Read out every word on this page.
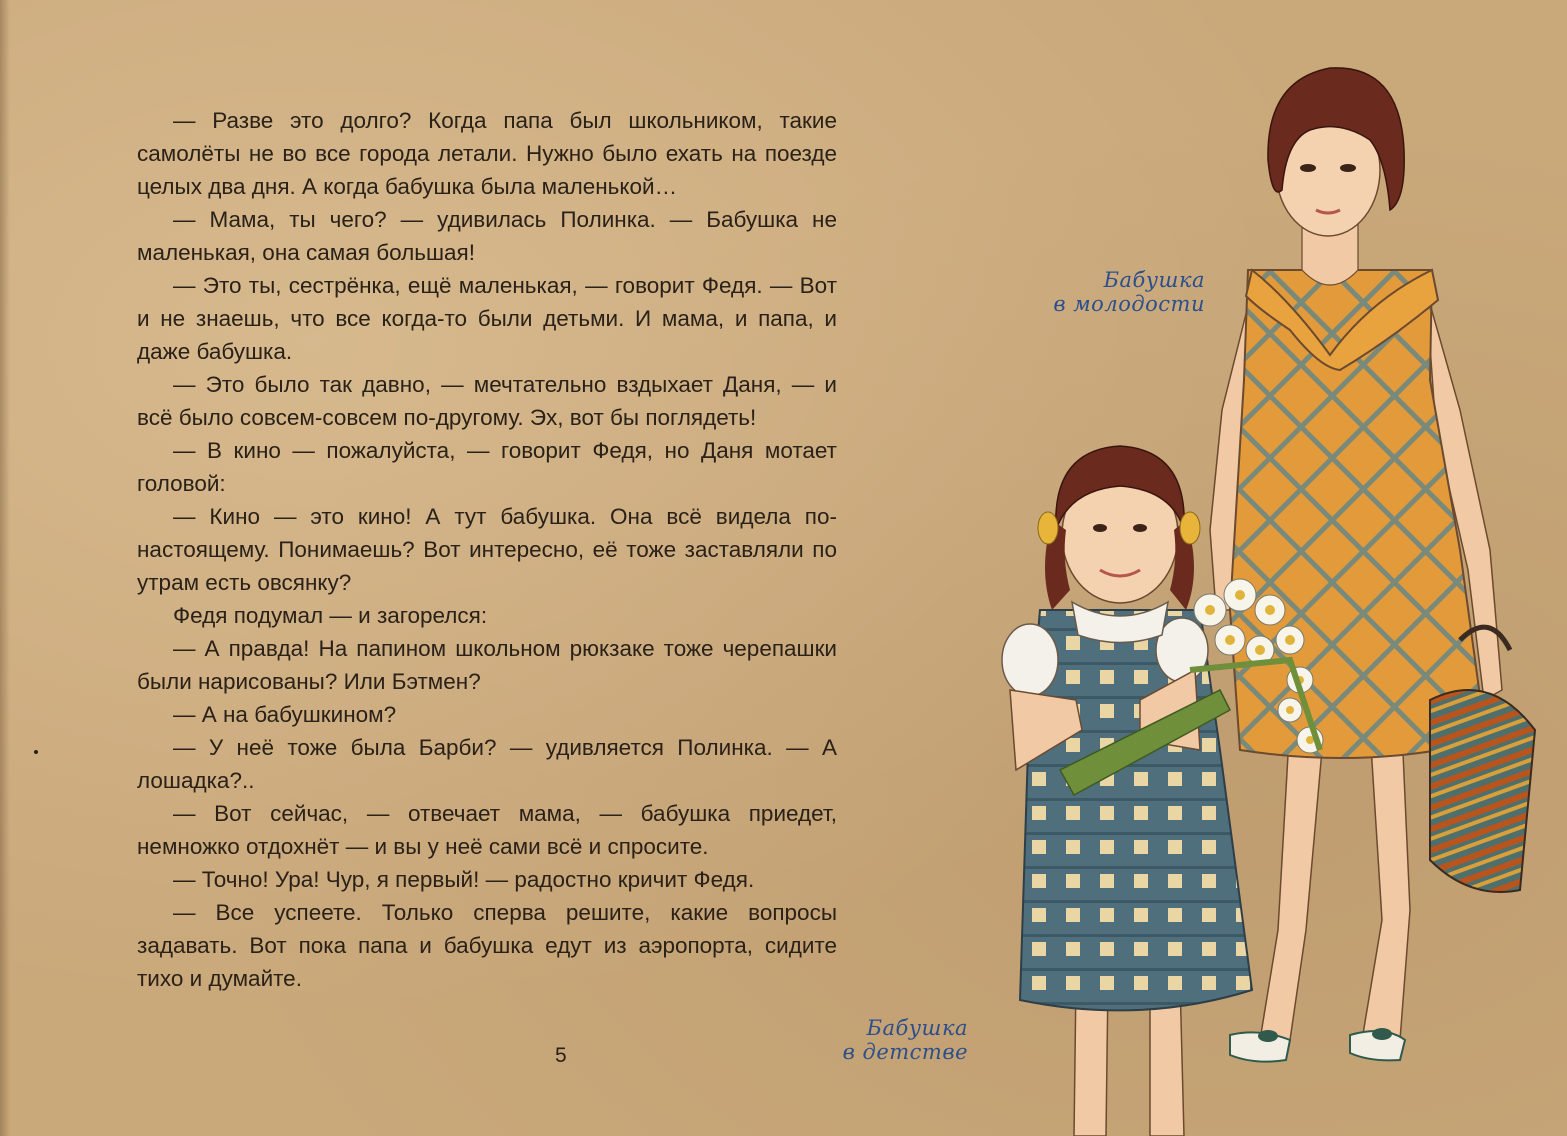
— Разве это долго? Когда папа был школьником, такие самолёты не во все города летали. Нужно было ехать на поезде целых два дня. А когда бабушка была маленькой…

— Мама, ты чего? — удивилась Полинка. — Бабушка не маленькая, она самая большая!

— Это ты, сестрёнка, ещё маленькая, — говорит Федя. — Вот и не знаешь, что все когда-то были детьми. И мама, и папа, и даже бабушка.

— Это было так давно, — мечтательно вздыхает Даня, — и всё было совсем-совсем по-другому. Эх, вот бы поглядеть!

— В кино — пожалуйста, — говорит Федя, но Даня мотает головой:

— Кино — это кино! А тут бабушка. Она всё видела по-настоящему. Понимаешь? Вот интересно, её тоже заставляли по утрам есть овсянку?

Федя подумал — и загорелся:

— А правда! На папином школьном рюкзаке тоже черепашки были нарисованы? Или Бэтмен?

— А на бабушкином?

— У неё тоже была Барби? — удивляется Полинка. — А лошадка?..

— Вот сейчас, — отвечает мама, — бабушка приедет, немножко отдохнёт — и вы у неё сами всё и спросите.

— Точно! Ура! Чур, я первый! — радостно кричит Федя.

— Все успеете. Только сперва решите, какие вопросы задавать. Вот пока папа и бабушка едут из аэропорта, сидите тихо и думайте.

5
Бабушка
в молодости
Бабушка
в детстве
